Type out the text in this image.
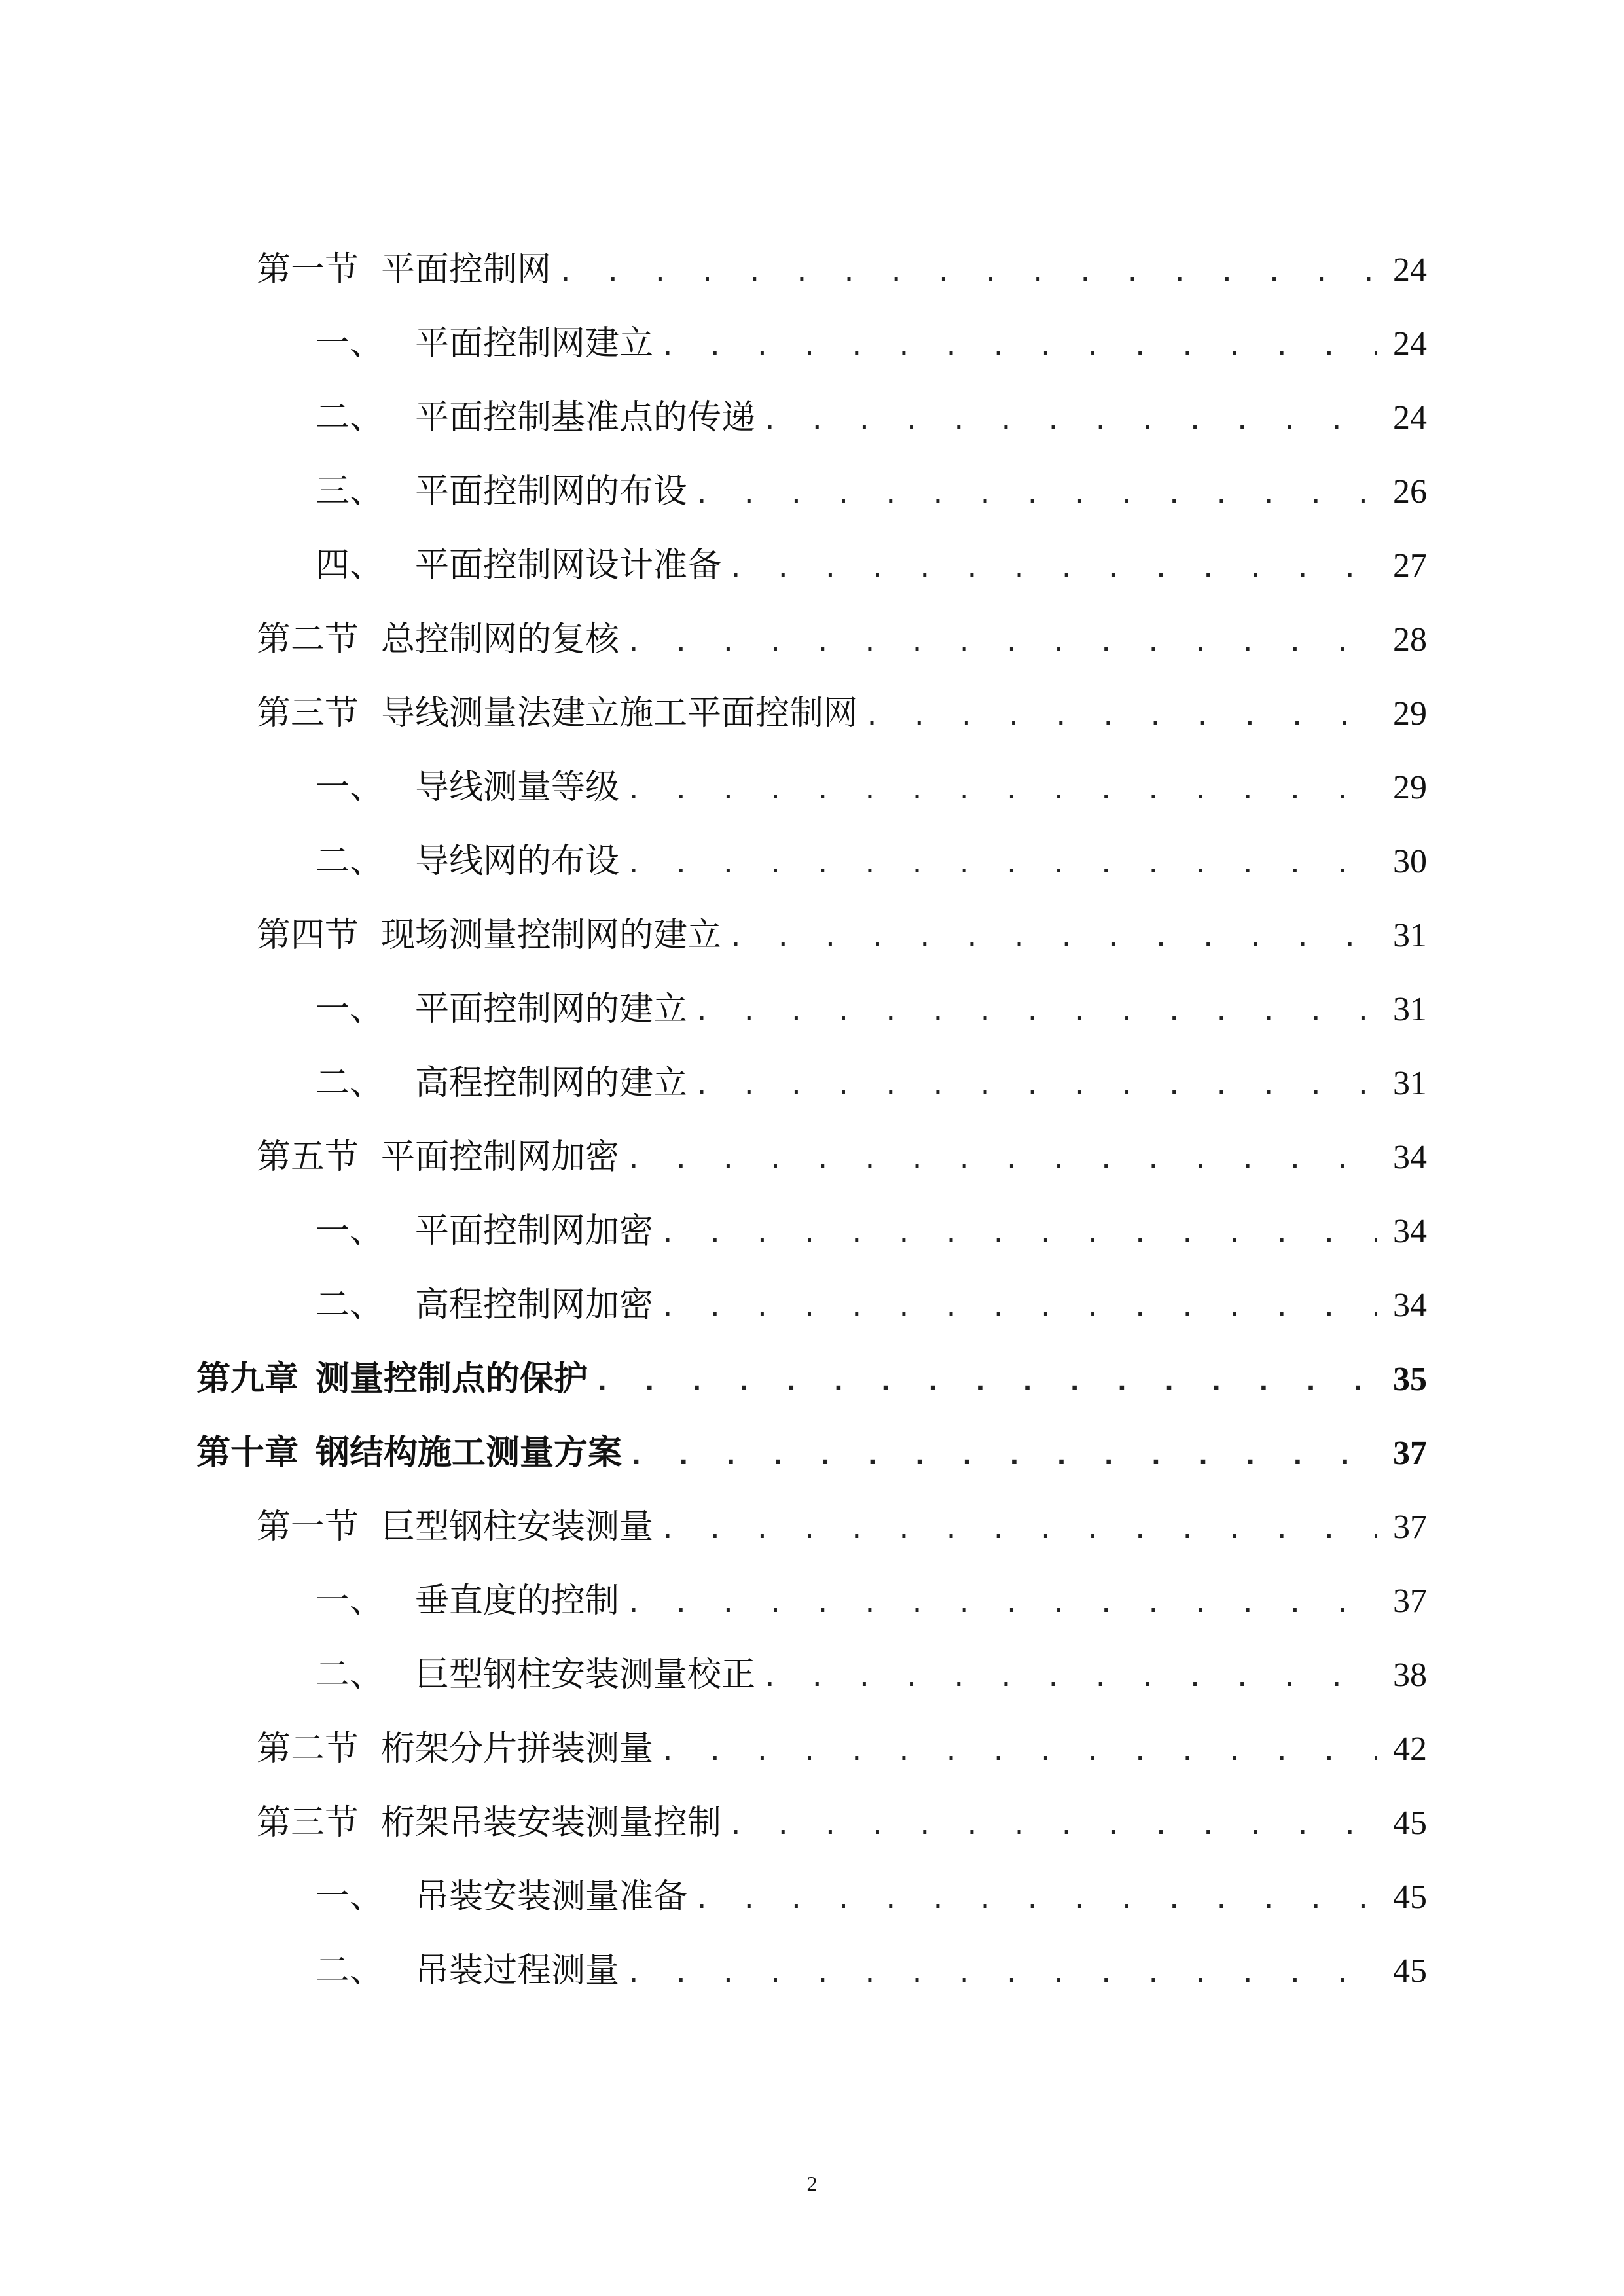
第一节 平面控制网 . . .	24
一、 平面控制网建立 . . .	24
二、 平面控制基准点的传递 . . .	24
三、 平面控制网的布设 . . .	26
四、 平面控制网设计准备 . . .	27
第二节 总控制网的复核 . . .	28
第三节 导线测量法建立施工平面控制网 . . .	29
一、 导线测量等级 . . .	29
二、 导线网的布设 . . .	30
第四节 现场测量控制网的建立 . . .	31
一、 平面控制网的建立 . . .	31
二、 高程控制网的建立 . . .	31
第五节 平面控制网加密 . . .	34
一、 平面控制网加密 . . .	34
二、 高程控制网加密 . . .	34
第九章 测量控制点的保护 . . .	35
第十章 钢结构施工测量方案 . . .	37
第一节 巨型钢柱安装测量 . . .	37
一、 垂直度的控制 . . .	37
二、 巨型钢柱安装测量校正 . . .	38
第二节 桁架分片拼装测量 . . .	42
第三节 桁架吊装安装测量控制 . . .	45
一、 吊装安装测量准备 . . .	45
二、 吊装过程测量 . . .	45
2
